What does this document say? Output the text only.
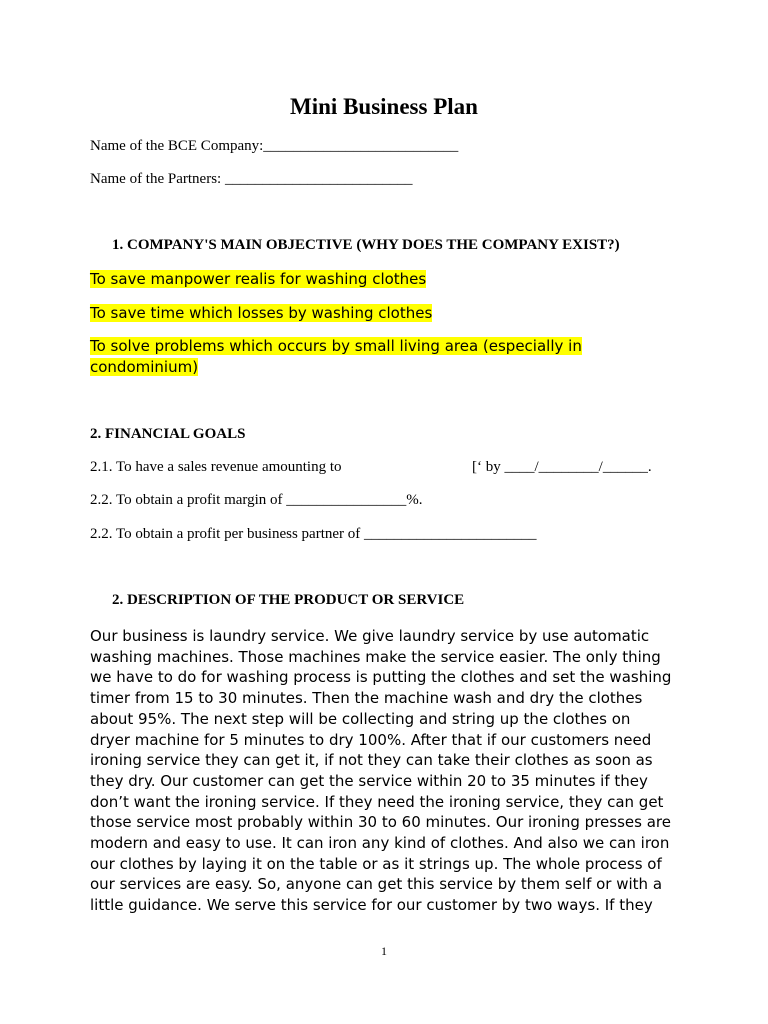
Mini Business Plan
Name of the BCE Company:__________________________
Name of the Partners: _________________________
1. COMPANY'S MAIN OBJECTIVE (WHY DOES THE COMPANY EXIST?)
To save manpower realis for washing clothes
To save time which losses by washing clothes
To solve problems which occurs by small living area (especially in
condominium)
2. FINANCIAL GOALS
2.1. To have a sales revenue amounting to	[‘ by ____/________/______.
2.2. To obtain a profit margin of ________________%.
2.2. To obtain a profit per business partner of _______________________
2. DESCRIPTION OF THE PRODUCT OR SERVICE
Our business is laundry service. We give laundry service by use automatic
washing machines. Those machines make the service easier. The only thing
we have to do for washing process is putting the clothes and set the washing
timer from 15 to 30 minutes. Then the machine wash and dry the clothes
about 95%. The next step will be collecting and string up the clothes on
dryer machine for 5 minutes to dry 100%. After that if our customers need
ironing service they can get it, if not they can take their clothes as soon as
they dry. Our customer can get the service within 20 to 35 minutes if they
don’t want the ironing service. If they need the ironing service, they can get
those service most probably within 30 to 60 minutes. Our ironing presses are
modern and easy to use. It can iron any kind of clothes. And also we can iron
our clothes by laying it on the table or as it strings up. The whole process of
our services are easy. So, anyone can get this service by them self or with a
little guidance. We serve this service for our customer by two ways. If they
1
